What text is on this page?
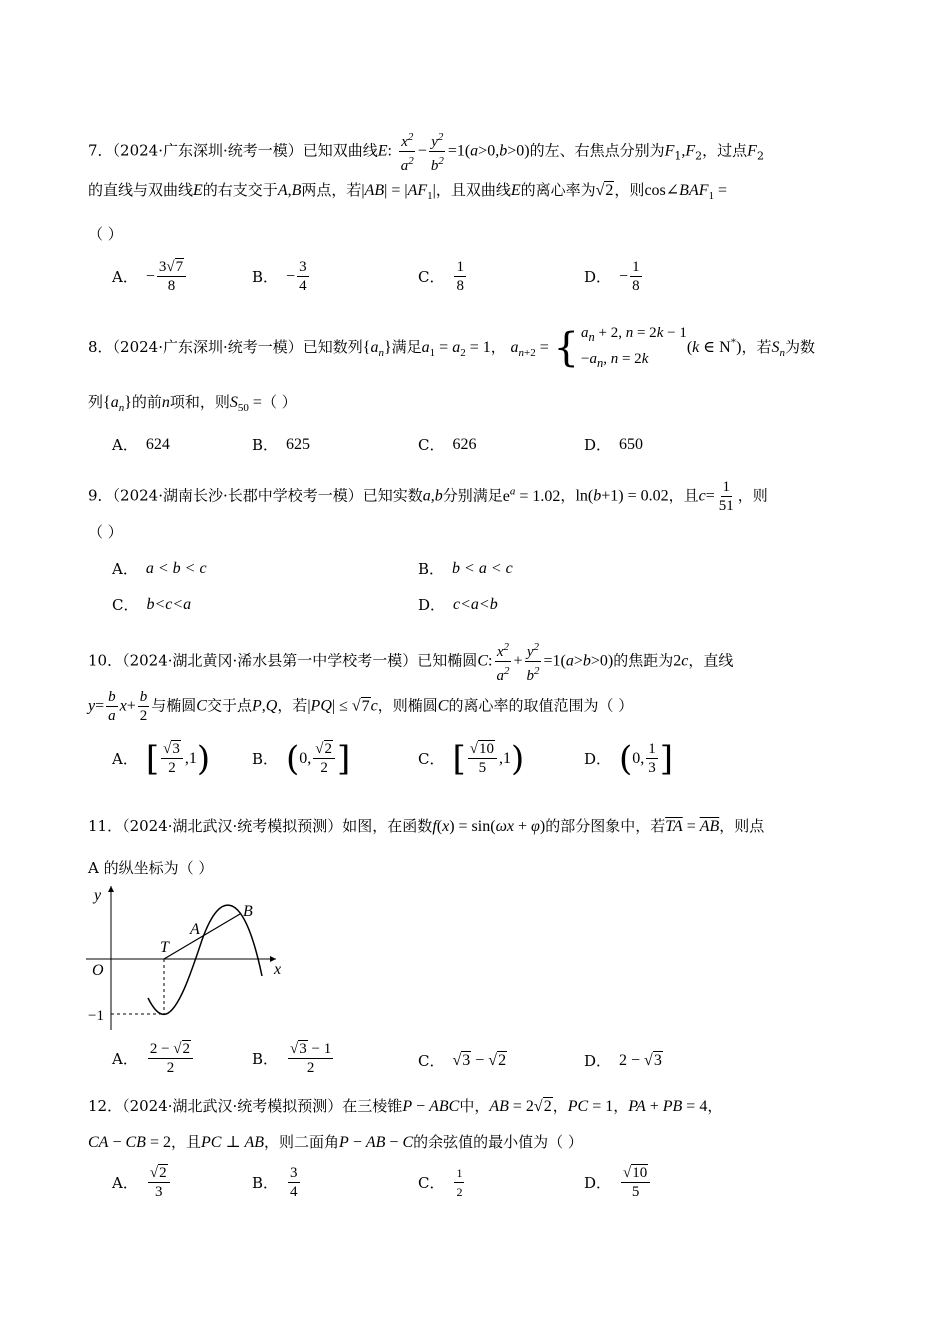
7．（2024·广东深圳·统考一模）已知双曲线E: $\frac{x^2}{a^2} - \frac{y^2}{b^2} =1(a>0,b>0)$的左、右焦点分别为$F_1,F_2$，过点$F_2$
的直线与双曲线E的右支交于A,B两点，若$|AB| = |AF_1|$，且双曲线E的离心率为√2，则$\cos\angle BAF_1$ =
（ ）
A． − $\frac{3√7}{8}$	B． − $\frac{3}{4}$	C． $\frac{1}{8}$	D． − $\frac{1}{8}$
8．（2024·广东深圳·统考一模）已知数列$\{a_n\}$满足$a_1 = a_2 = 1$， $a_{n+2}$ = { $a_n + 2$, n = 2k − 1
$-a_n$, n = 2k
(k ∈ N*)，若$S_n$为数
列$\{a_n\}$的前n项和，则$S_{50}$ =（ ）
A． 624	B． 625	C． 626	D． 650
9．（2024·湖南长沙·长郡中学校考一模）已知实数a,b分别满足$e^a = 1.02$，ln(b+1) = 0.02，且$c= \frac{1}{51}$ ，则
（ ）
A． a < b < c	B． b < a < c
C． b<c<a	D． c<a<b
10．（2024·湖北黄冈·浠水县第一中学校考一模）已知椭圆C: $\frac{x^2}{a^2} + \frac{y^2}{b^2} =1(a>b>0)$的焦距为2c，直线
$y= \frac{b}{a} x+ \frac{b}{2}$ 与椭圆C交于点P,Q，若|PQ| ≤ √7c，则椭圆C的离心率的取值范围为（ ）
A． [ $\frac{√3}{2} ,1$ )	B． ( 0, $\frac{√2}{2}$ ]	C． [ $\frac{√10}{5} ,1$ )	D． ( 0, $\frac{1}{3}$ ]
11．（2024·湖北武汉·统考模拟预测）如图，在函数f(x) = sin(ωx + φ)的部分图象中，若$\overline{TA} = \overline{AB}$，则点
A 的纵坐标为（ ）
y
x
O
T
A
B
−1
A． $\frac{2 - √2}{2}$	B． $\frac{√3 - 1}{2}$	C． √3 − √2	D． 2 − √3
12．（2024·湖北武汉·统考模拟预测）在三棱锥P − ABC中，AB = 2√2，PC = 1，PA + PB = 4，
CA − CB = 2，且PC ⊥ AB，则二面角P − AB − C的余弦值的最小值为（ ）
A． $\frac{√2}{3}$	B． $\frac{3}{4}$	C． $\frac{1}{2}$	D． $\frac{√10}{5}$
